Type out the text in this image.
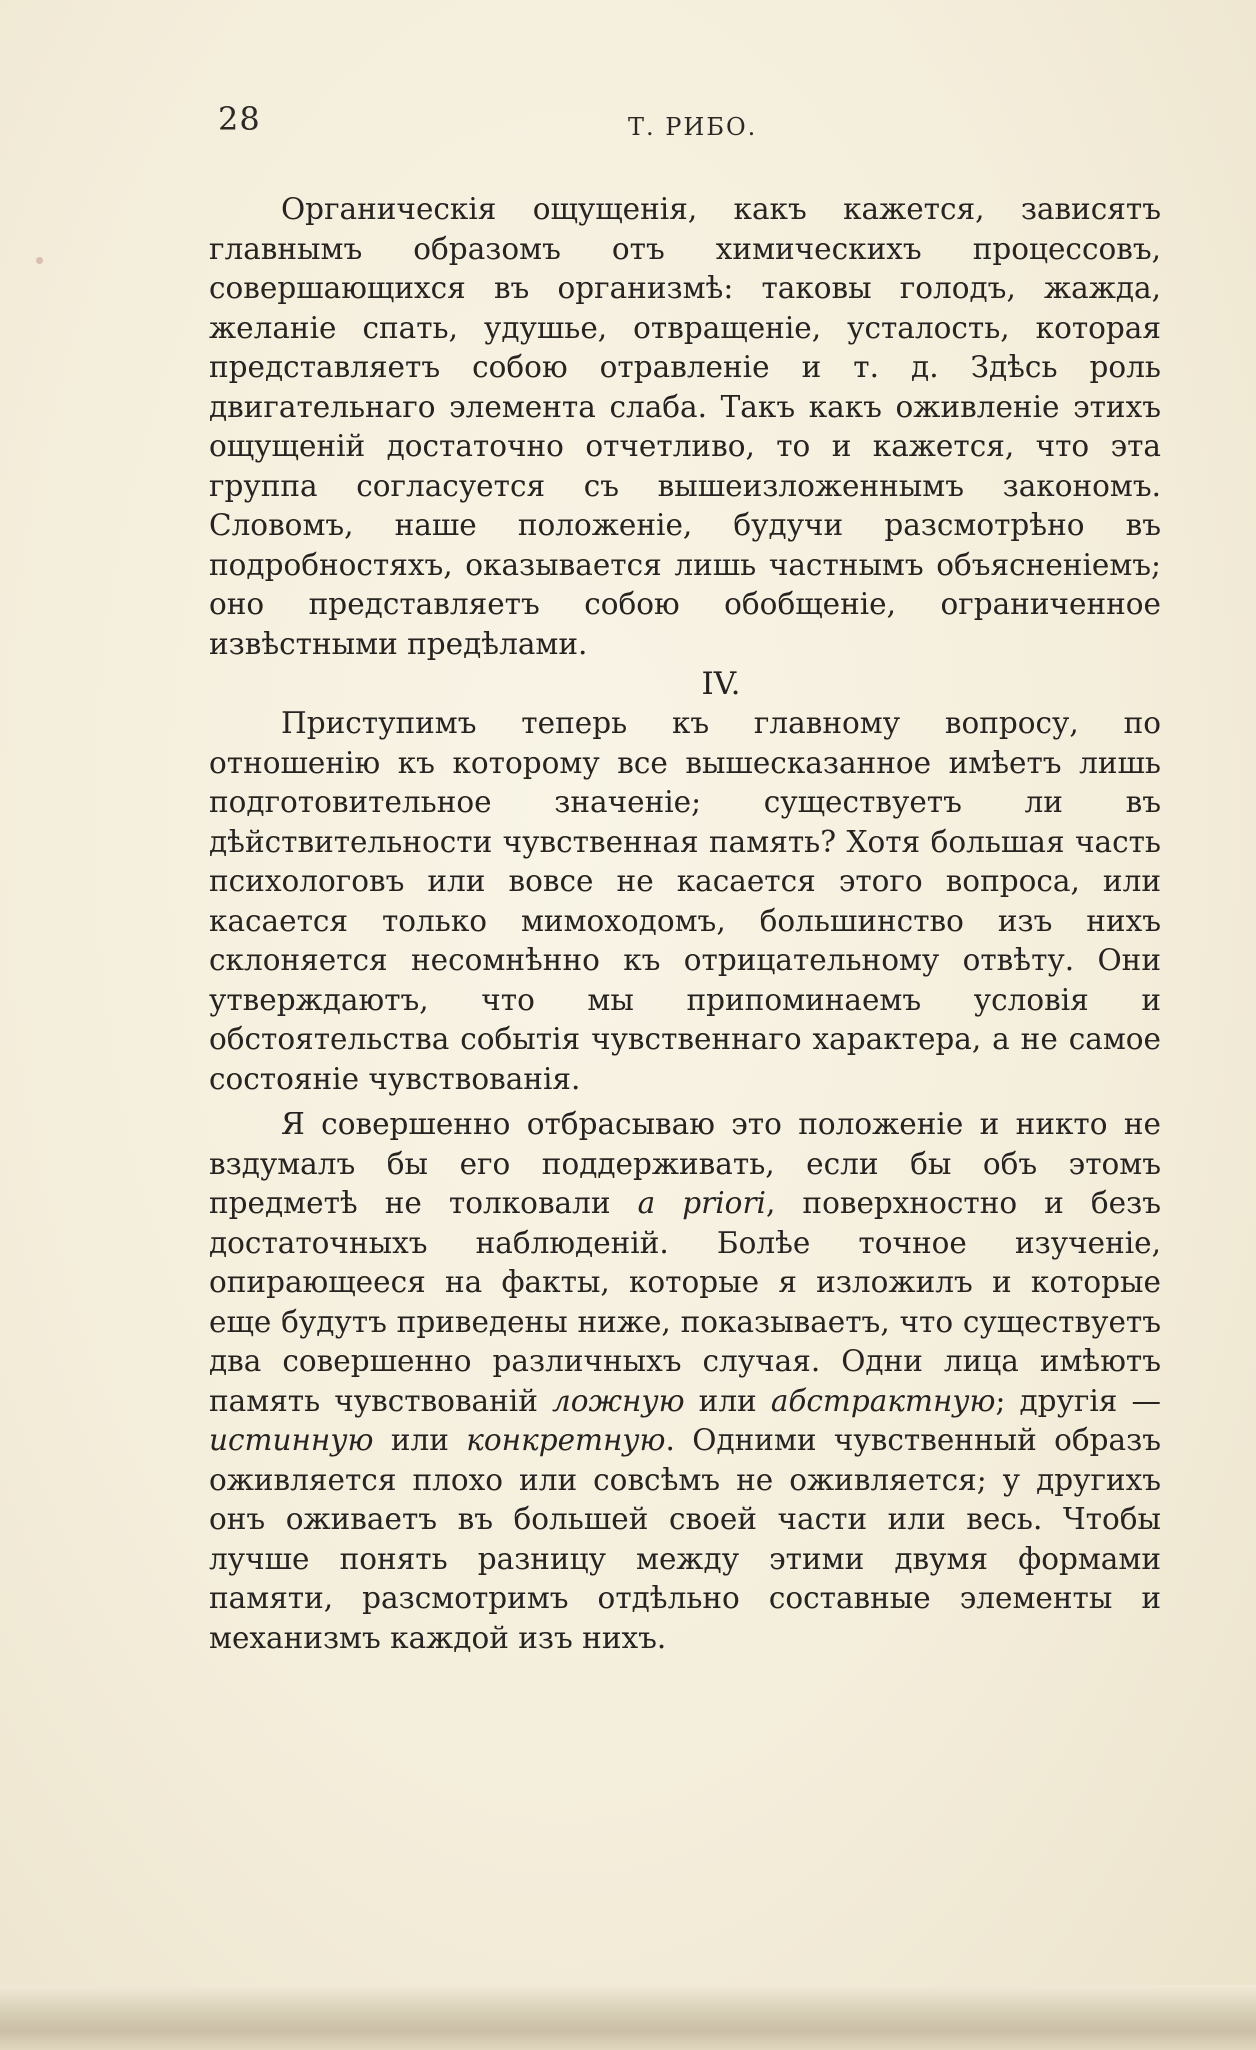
28	Т. РИБО.

Органическія ощущенія, какъ кажется, зависятъ главнымъ образомъ отъ химическихъ процессовъ, совершающихся въ организмѣ: таковы голодъ, жажда, желаніе спать, удушье, отвращеніе, усталость, которая представляетъ собою отравленіе и т. д. Здѣсь роль двигательнаго элемента слаба. Такъ какъ оживленіе этихъ ощущеній достаточно отчетливо, то и кажется, что эта группа согласуется съ вышеизложеннымъ закономъ. Словомъ, наше положеніе, будучи разсмотрѣно въ подробностяхъ, оказывается лишь частнымъ объясненіемъ; оно представляетъ собою обобщеніе, ограниченное извѣстными предѣлами.

IV.

Приступимъ теперь къ главному вопросу, по отношенію къ которому все вышесказанное имѣетъ лишь подготовительное значеніе; существуетъ ли въ дѣйствительности чувственная память? Хотя большая часть психологовъ или вовсе не касается этого вопроса, или касается только мимоходомъ, большинство изъ нихъ склоняется несомнѣнно къ отрицательному отвѣту. Они утверждаютъ, что мы припоминаемъ условія и обстоятельства событія чувственнаго характера, а не самое состояніе чувствованія.

Я совершенно отбрасываю это положеніе и никто не вздумалъ бы его поддерживать, если бы объ этомъ предметѣ не толковали a priori, поверхностно и безъ достаточныхъ наблюденій. Болѣе точное изученіе, опирающееся на факты, которые я изложилъ и которые еще будутъ приведены ниже, показываетъ, что существуетъ два совершенно различныхъ случая. Одни лица имѣютъ память чувствованій ложную или абстрактную; другія — истинную или конкретную. Одними чувственный образъ оживляется плохо или совсѣмъ не оживляется; у другихъ онъ оживаетъ въ большей своей части или весь. Чтобы лучше понять разницу между этими двумя формами памяти, разсмотримъ отдѣльно составные элементы и механизмъ каждой изъ нихъ.
